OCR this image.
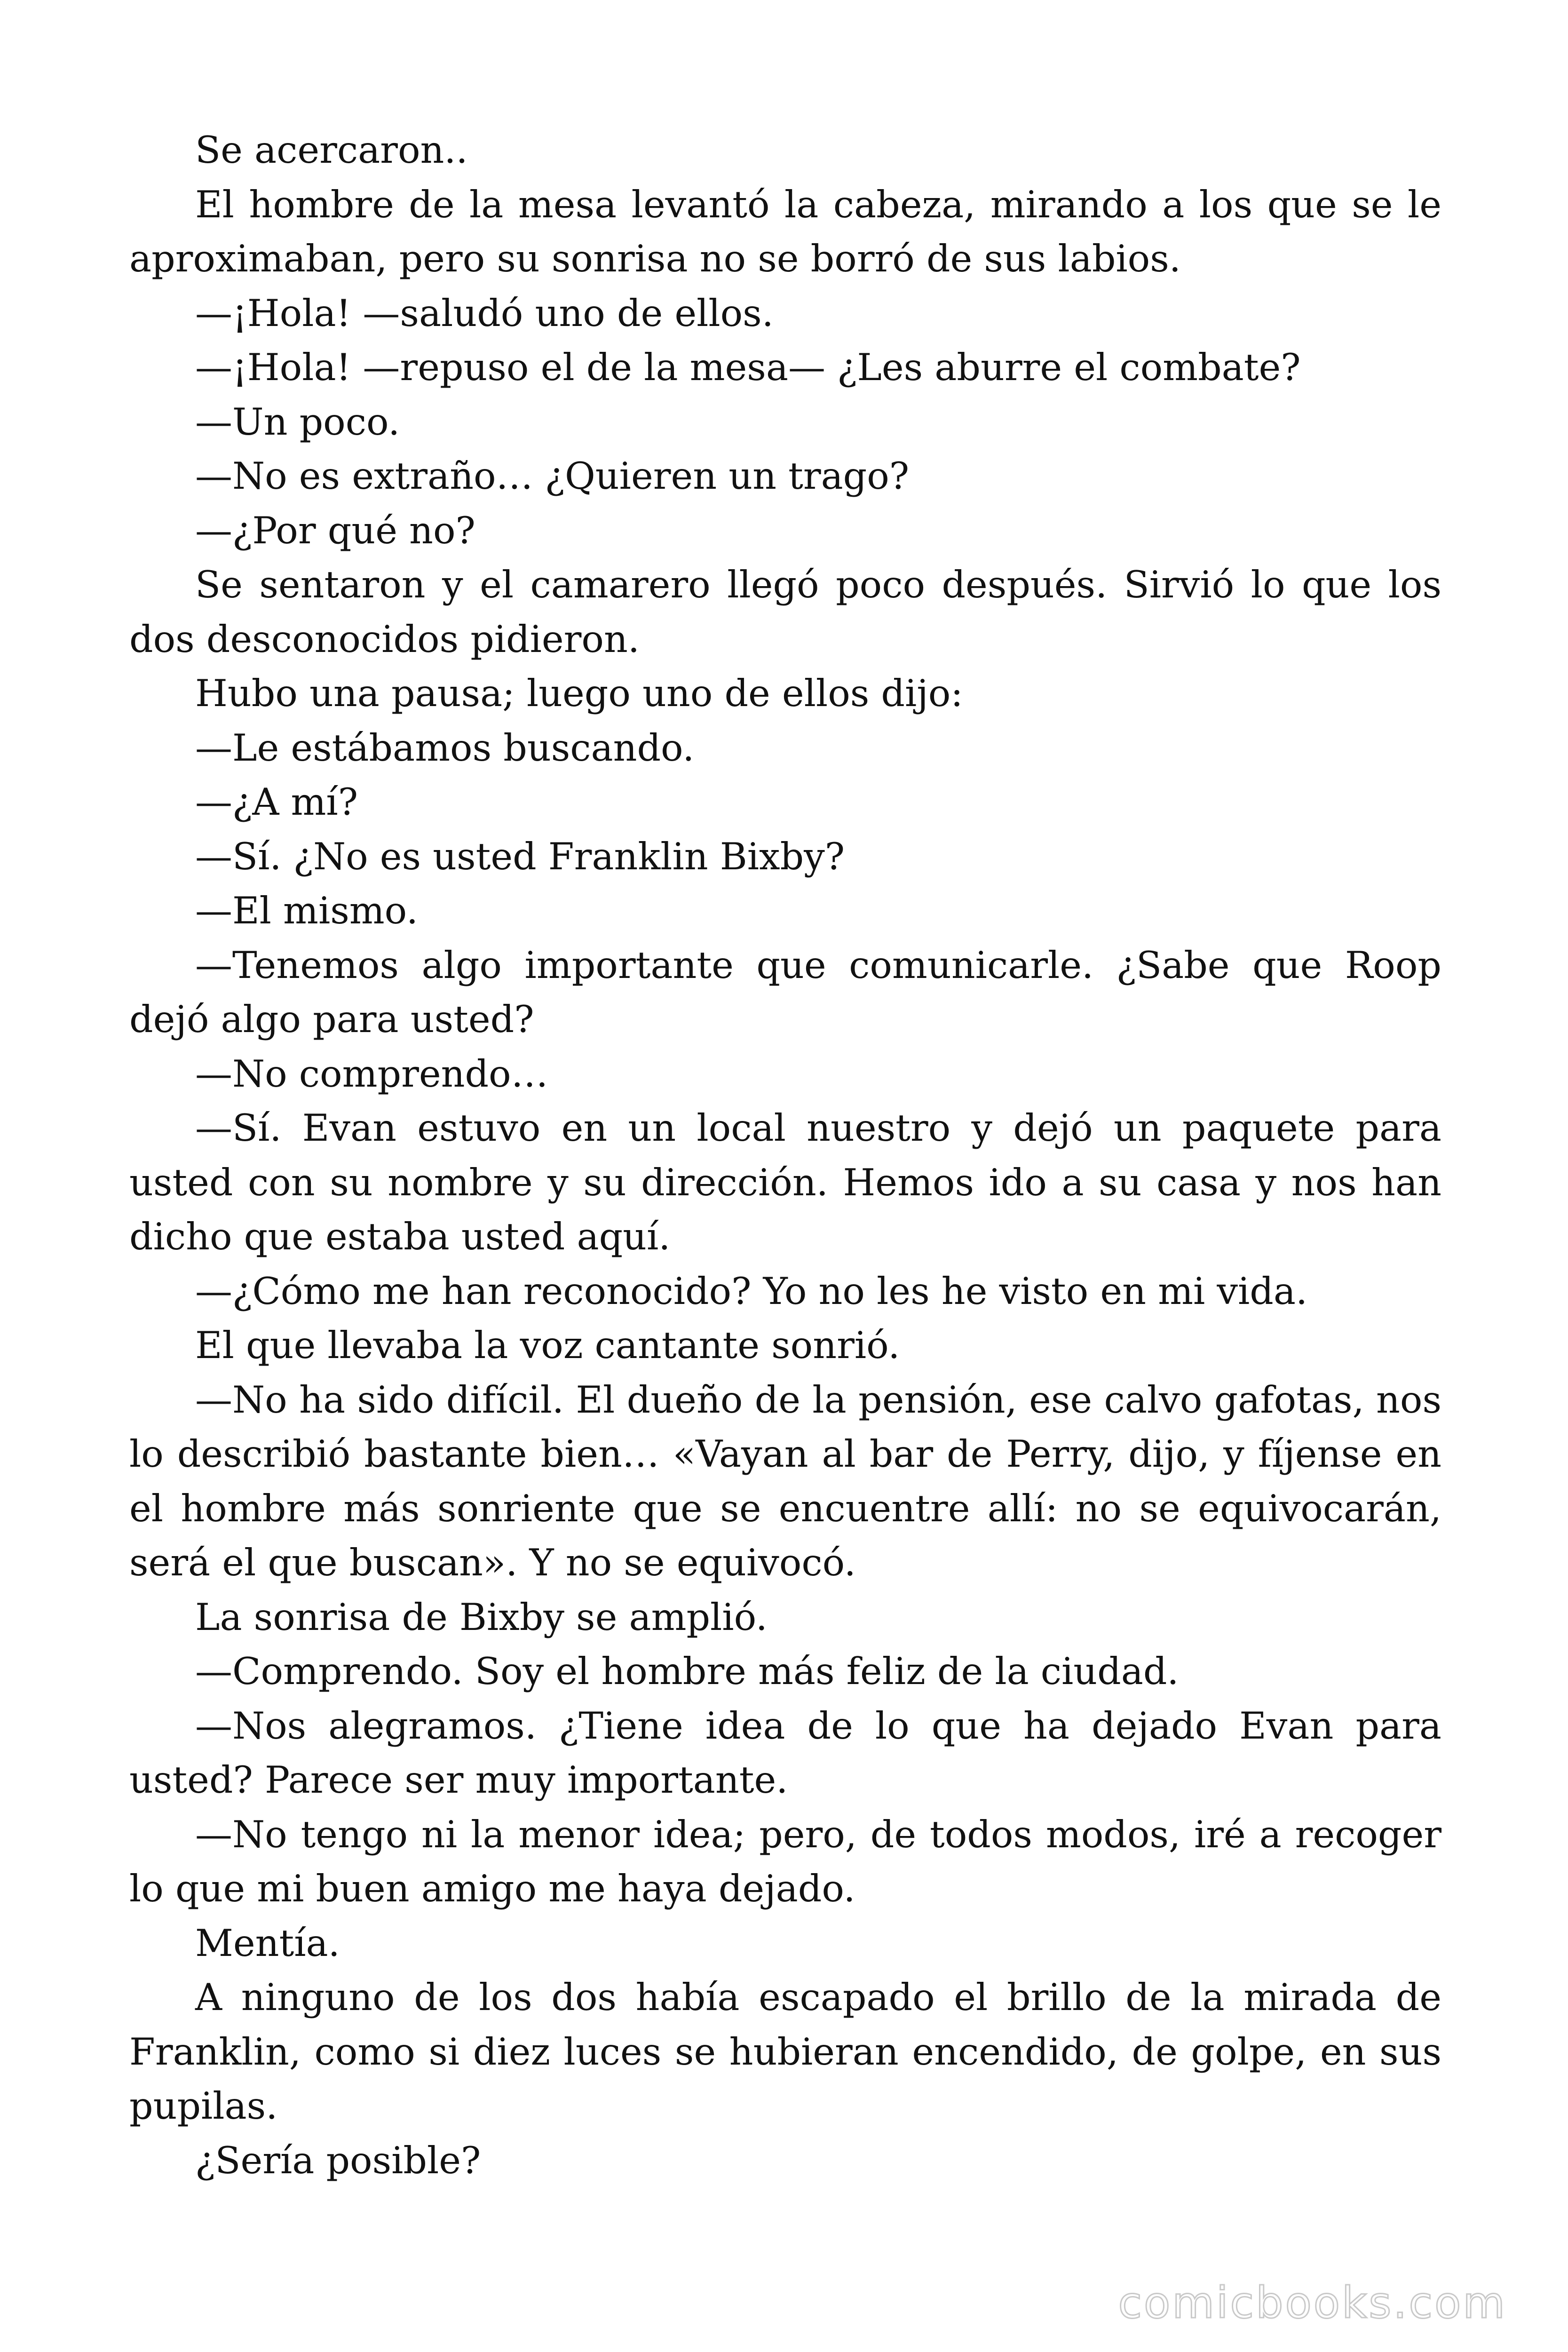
Se acercaron..

El hombre de la mesa levantó la cabeza, mirando a los que se le aproximaban, pero su sonrisa no se borró de sus labios.

—¡Hola! —saludó uno de ellos.

—¡Hola! —repuso el de la mesa— ¿Les aburre el combate?

—Un poco.

—No es extraño… ¿Quieren un trago?

—¿Por qué no?

Se sentaron y el camarero llegó poco después. Sirvió lo que los dos desconocidos pidieron.

Hubo una pausa; luego uno de ellos dijo:

—Le estábamos buscando.

—¿A mí?

—Sí. ¿No es usted Franklin Bixby?

—El mismo.

—Tenemos algo importante que comunicarle. ¿Sabe que Roop dejó algo para usted?

—No comprendo…

—Sí. Evan estuvo en un local nuestro y dejó un paquete para usted con su nombre y su dirección. Hemos ido a su casa y nos han dicho que estaba usted aquí.

—¿Cómo me han reconocido? Yo no les he visto en mi vida.

El que llevaba la voz cantante sonrió.

—No ha sido difícil. El dueño de la pensión, ese calvo gafotas, nos lo describió bastante bien… «Vayan al bar de Perry, dijo, y fíjense en el hombre más sonriente que se encuentre allí: no se equivocarán, será el que buscan». Y no se equivocó.

La sonrisa de Bixby se amplió.

—Comprendo. Soy el hombre más feliz de la ciudad.

—Nos alegramos. ¿Tiene idea de lo que ha dejado Evan para usted? Parece ser muy importante.

—No tengo ni la menor idea; pero, de todos modos, iré a recoger lo que mi buen amigo me haya dejado.

Mentía.

A ninguno de los dos había escapado el brillo de la mirada de Franklin, como si diez luces se hubieran encendido, de golpe, en sus pupilas.

¿Sería posible?

comicbooks.com
